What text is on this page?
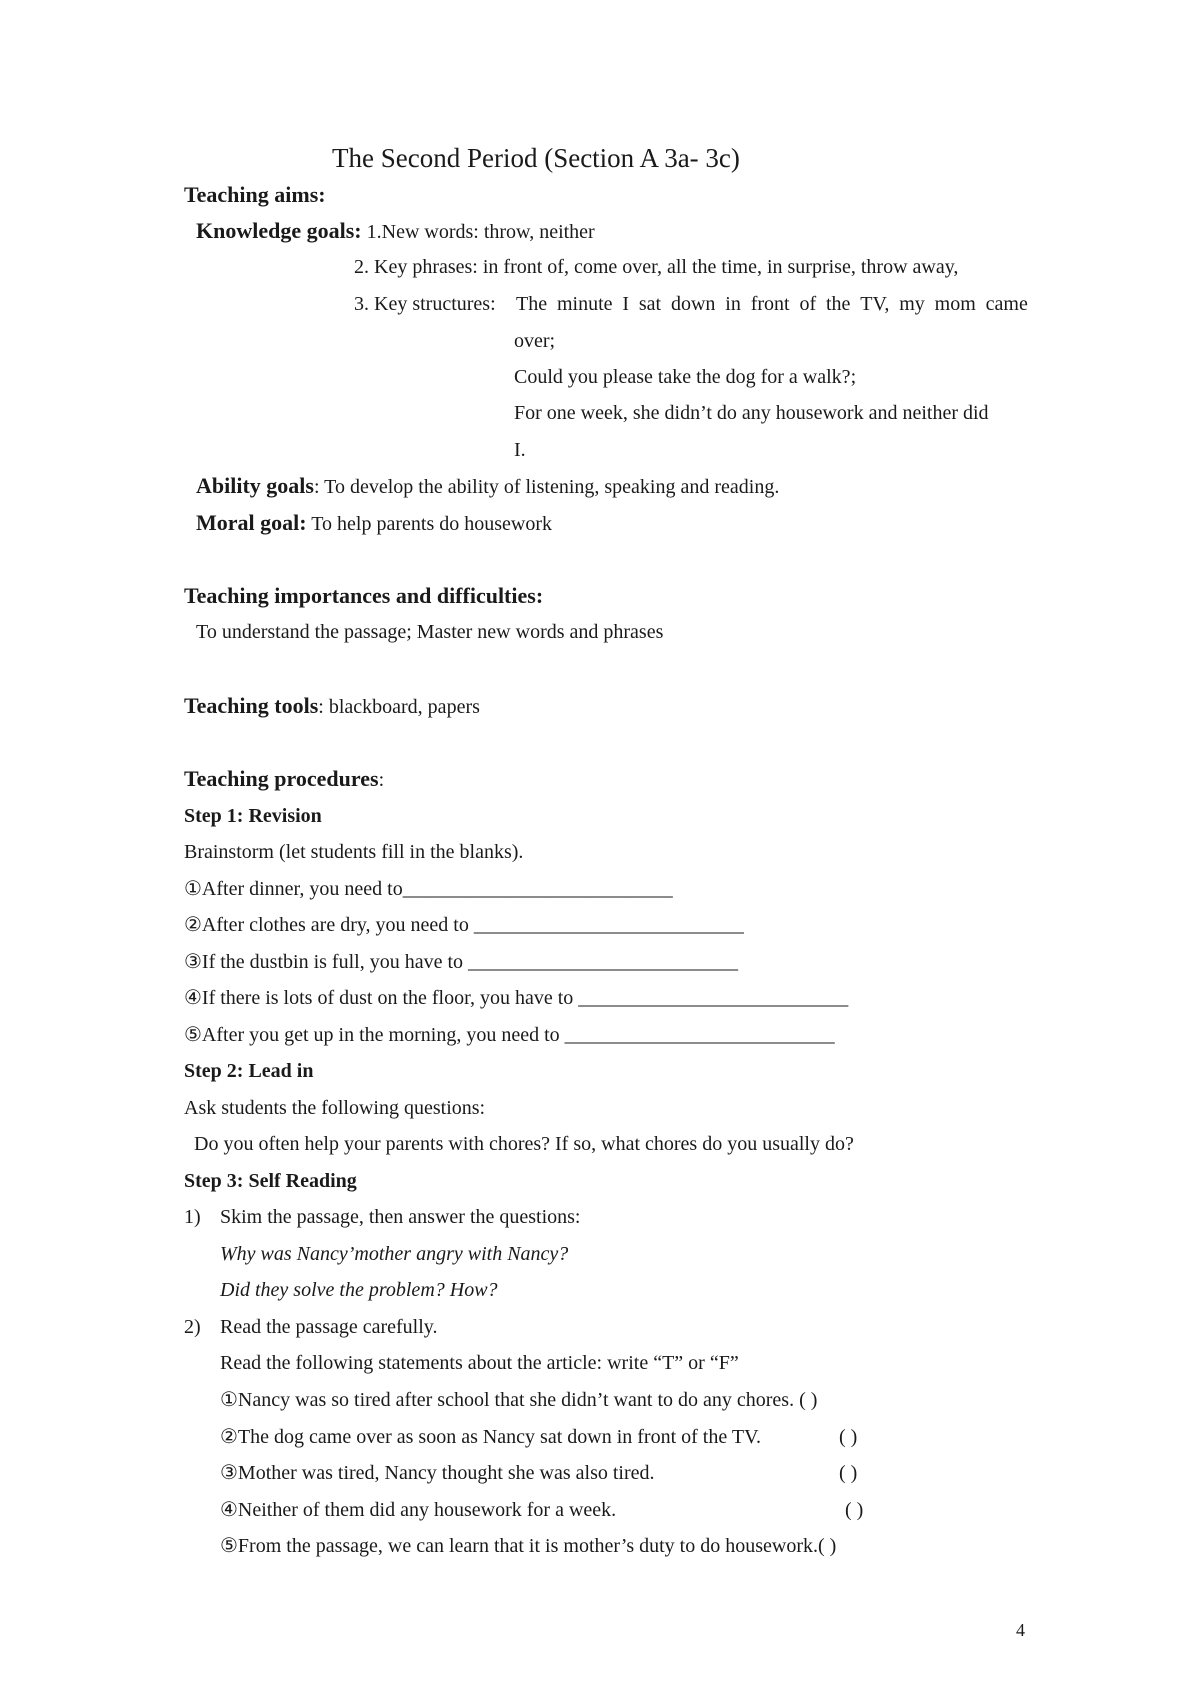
The Second Period (Section A 3a- 3c)
Teaching aims:
Knowledge goals: 1.New words: throw, neither
2. Key phrases: in front of, come over, all the time, in surprise, throw away,
3. Key structures: The minute I sat down in front of the TV, my mom came
over;
Could you please take the dog for a walk?;
For one week, she didn’t do any housework and neither did
I.
Ability goals: To develop the ability of listening, speaking and reading.
Moral goal: To help parents do housework
Teaching importances and difficulties:
To understand the passage; Master new words and phrases
Teaching tools: blackboard, papers
Teaching procedures:
Step 1: Revision
Brainstorm (let students fill in the blanks).
①After dinner, you need to___________________________
②After clothes are dry, you need to ___________________________
③If the dustbin is full, you have to ___________________________
④If there is lots of dust on the floor, you have to ___________________________
⑤After you get up in the morning, you need to ___________________________
Step 2: Lead in
Ask students the following questions:
Do you often help your parents with chores? If so, what chores do you usually do?
Step 3: Self Reading
1) Skim the passage, then answer the questions:
Why was Nancy’mother angry with Nancy?
Did they solve the problem? How?
2) Read the passage carefully.
Read the following statements about the article: write “T” or “F”
①Nancy was so tired after school that she didn’t want to do any chores. ( )
②The dog came over as soon as Nancy sat down in front of the TV.	( )
③Mother was tired, Nancy thought she was also tired.	( )
④Neither of them did any housework for a week.	( )
⑤From the passage, we can learn that it is mother’s duty to do housework.( )
4
